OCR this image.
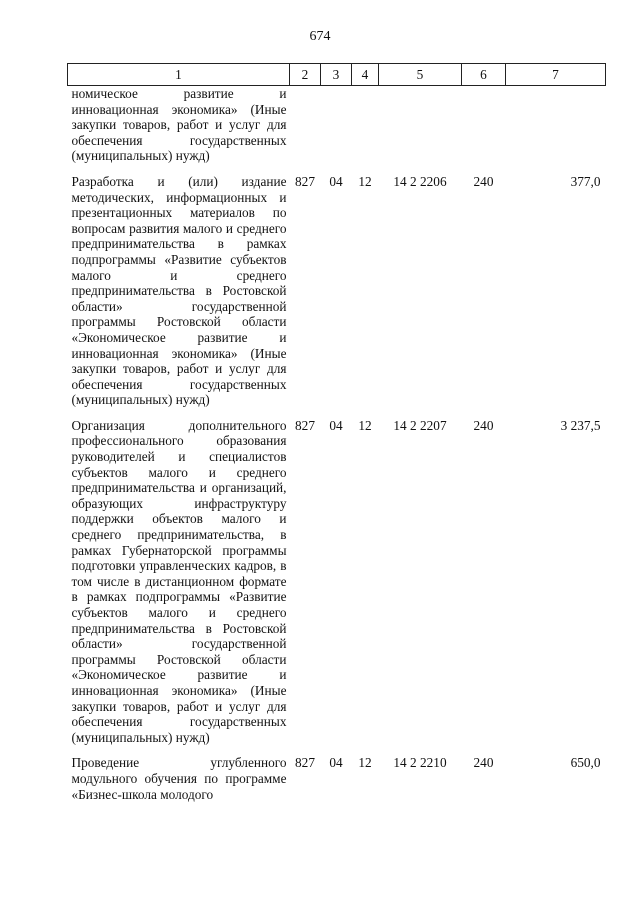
674
1	2	3	4	5	6	7
номическое развитие и инновационная экономика» (Иные закупки товаров, работ и услуг для обеспечения государственных (муниципальных) нужд)						
Разработка и (или) издание методических, информационных и презентационных материалов по вопросам развития малого и среднего предпринимательства в рамках подпрограммы «Развитие субъектов малого и среднего предпринимательства в Ростовской области» государственной программы Ростовской области «Экономическое развитие и инновационная экономика» (Иные закупки товаров, работ и услуг для обеспечения государственных (муниципальных) нужд)	827	04	12	14 2 2206	240	377,0
Организация дополнительного профессионального образования руководителей и специалистов субъектов малого и среднего предпринимательства и организаций, образующих инфраструктуру поддержки объектов малого и среднего предпринимательства, в рамках Губернаторской программы подготовки управленческих кадров, в том числе в дистанционном формате в рамках подпрограммы «Развитие субъектов малого и среднего предпринимательства в Ростовской области» государственной программы Ростовской области «Экономическое развитие и инновационная экономика» (Иные закупки товаров, работ и услуг для обеспечения государственных (муниципальных) нужд)	827	04	12	14 2 2207	240	3 237,5
Проведение углубленного модульного обучения по программе «Бизнес-школа молодого	827	04	12	14 2 2210	240	650,0
